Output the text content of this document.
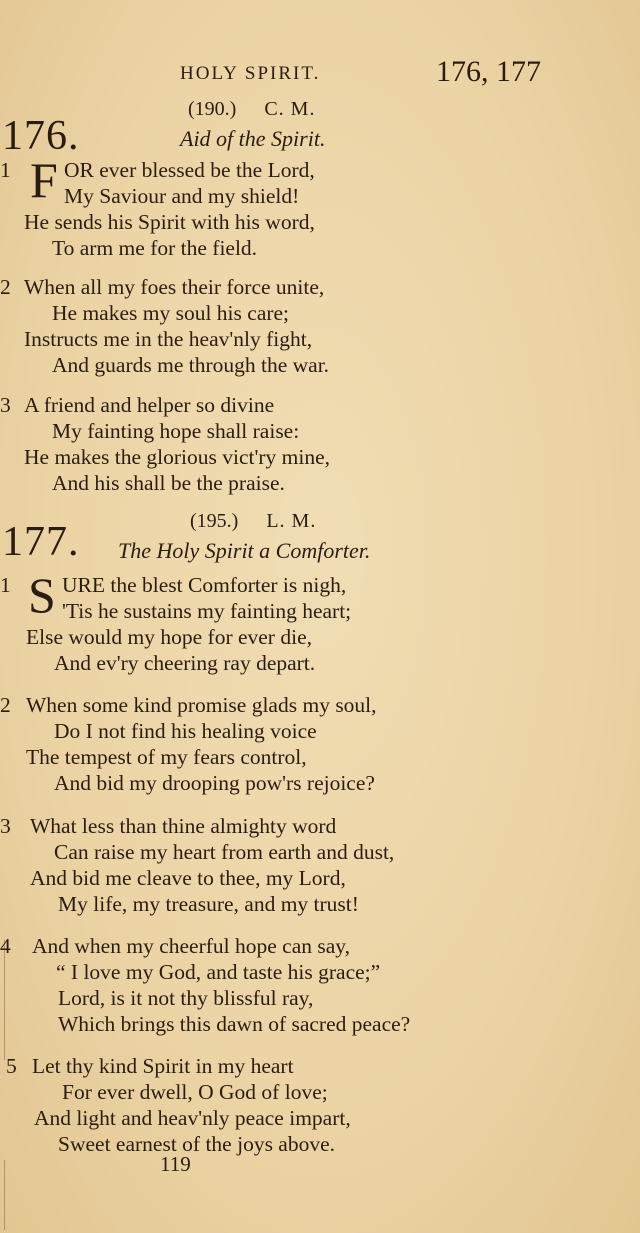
HOLY SPIRIT.	176, 177
176.
(190.) C. M.
Aid of the Spirit.
1 F OR ever blessed be the Lord,
My Saviour and my shield!
He sends his Spirit with his word,
To arm me for the field.
2 When all my foes their force unite,
He makes my soul his care;
Instructs me in the heav'nly fight,
And guards me through the war.
3 A friend and helper so divine
My fainting hope shall raise:
He makes the glorious vict'ry mine,
And his shall be the praise.
177.	(195.) L. M.
The Holy Spirit a Comforter.
1 S URE the blest Comforter is nigh,
'Tis he sustains my fainting heart;
Else would my hope for ever die,
And ev'ry cheering ray depart.
2 When some kind promise glads my soul,
Do I not find his healing voice
The tempest of my fears control,
And bid my drooping pow'rs rejoice?
3 What less than thine almighty word
Can raise my heart from earth and dust,
And bid me cleave to thee, my Lord,
My life, my treasure, and my trust!
4 And when my cheerful hope can say,
“ I love my God, and taste his grace;”
Lord, is it not thy blissful ray,
Which brings this dawn of sacred peace?
5 Let thy kind Spirit in my heart
For ever dwell, O God of love;
And light and heav'nly peace impart,
Sweet earnest of the joys above.
119
